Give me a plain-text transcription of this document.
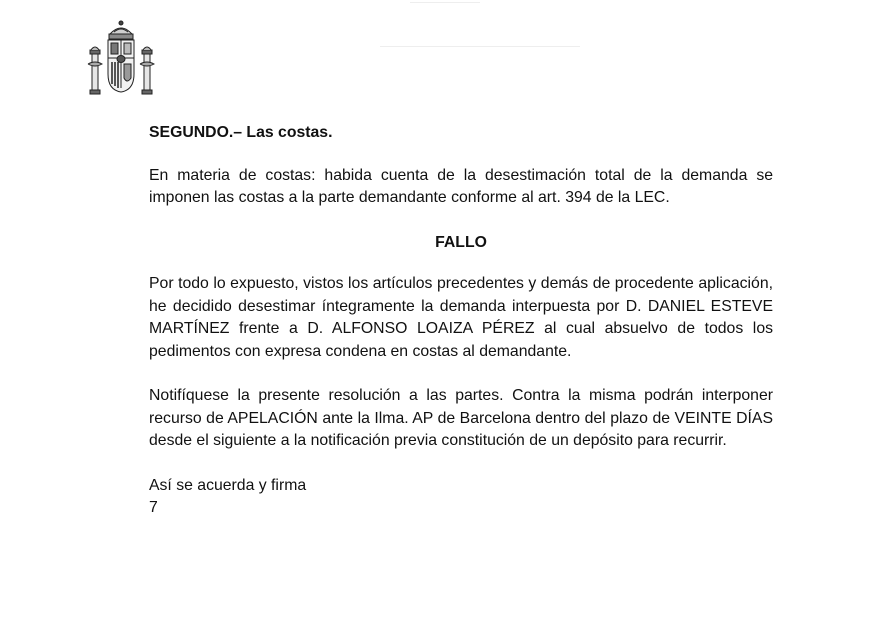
SEGUNDO.– Las costas.

En materia de costas: habida cuenta de la desestimación total de la demanda se imponen las costas a la parte demandante conforme al art. 394 de la LEC.

FALLO

Por todo lo expuesto, vistos los artículos precedentes y demás de procedente aplicación, he decidido desestimar íntegramente la demanda interpuesta por D. DANIEL ESTEVE MARTÍNEZ frente a D. ALFONSO LOAIZA PÉREZ al cual absuelvo de todos los pedimentos con expresa condena en costas al demandante.

Notifíquese la presente resolución a las partes. Contra la misma podrán interponer recurso de APELACIÓN ante la Ilma. AP de Barcelona dentro del plazo de VEINTE DÍAS desde el siguiente a la notificación previa constitución de un depósito para recurrir.

Así se acuerda y firma

7
